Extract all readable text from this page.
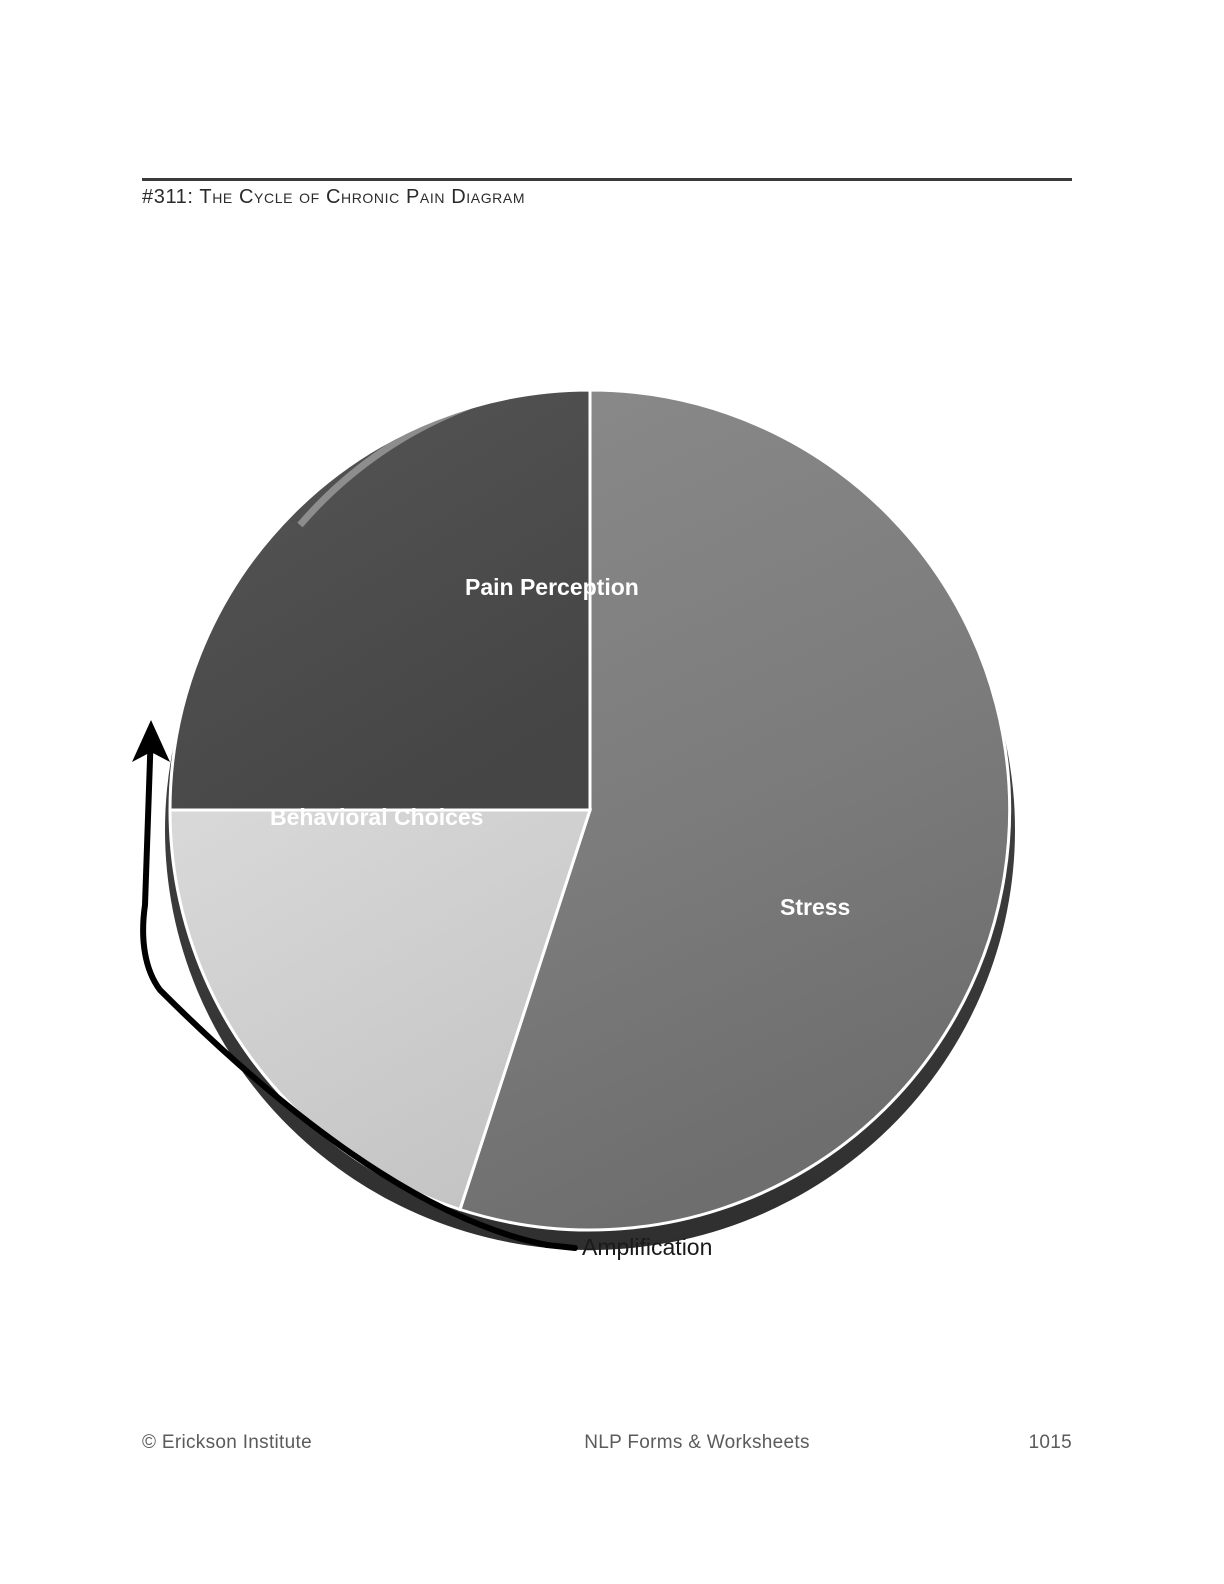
#311: The Cycle of Chronic Pain Diagram
Pain Perception
Behavioral Choices
Stress
Amplification
© Erickson Institute	NLP Forms & Worksheets	1015
